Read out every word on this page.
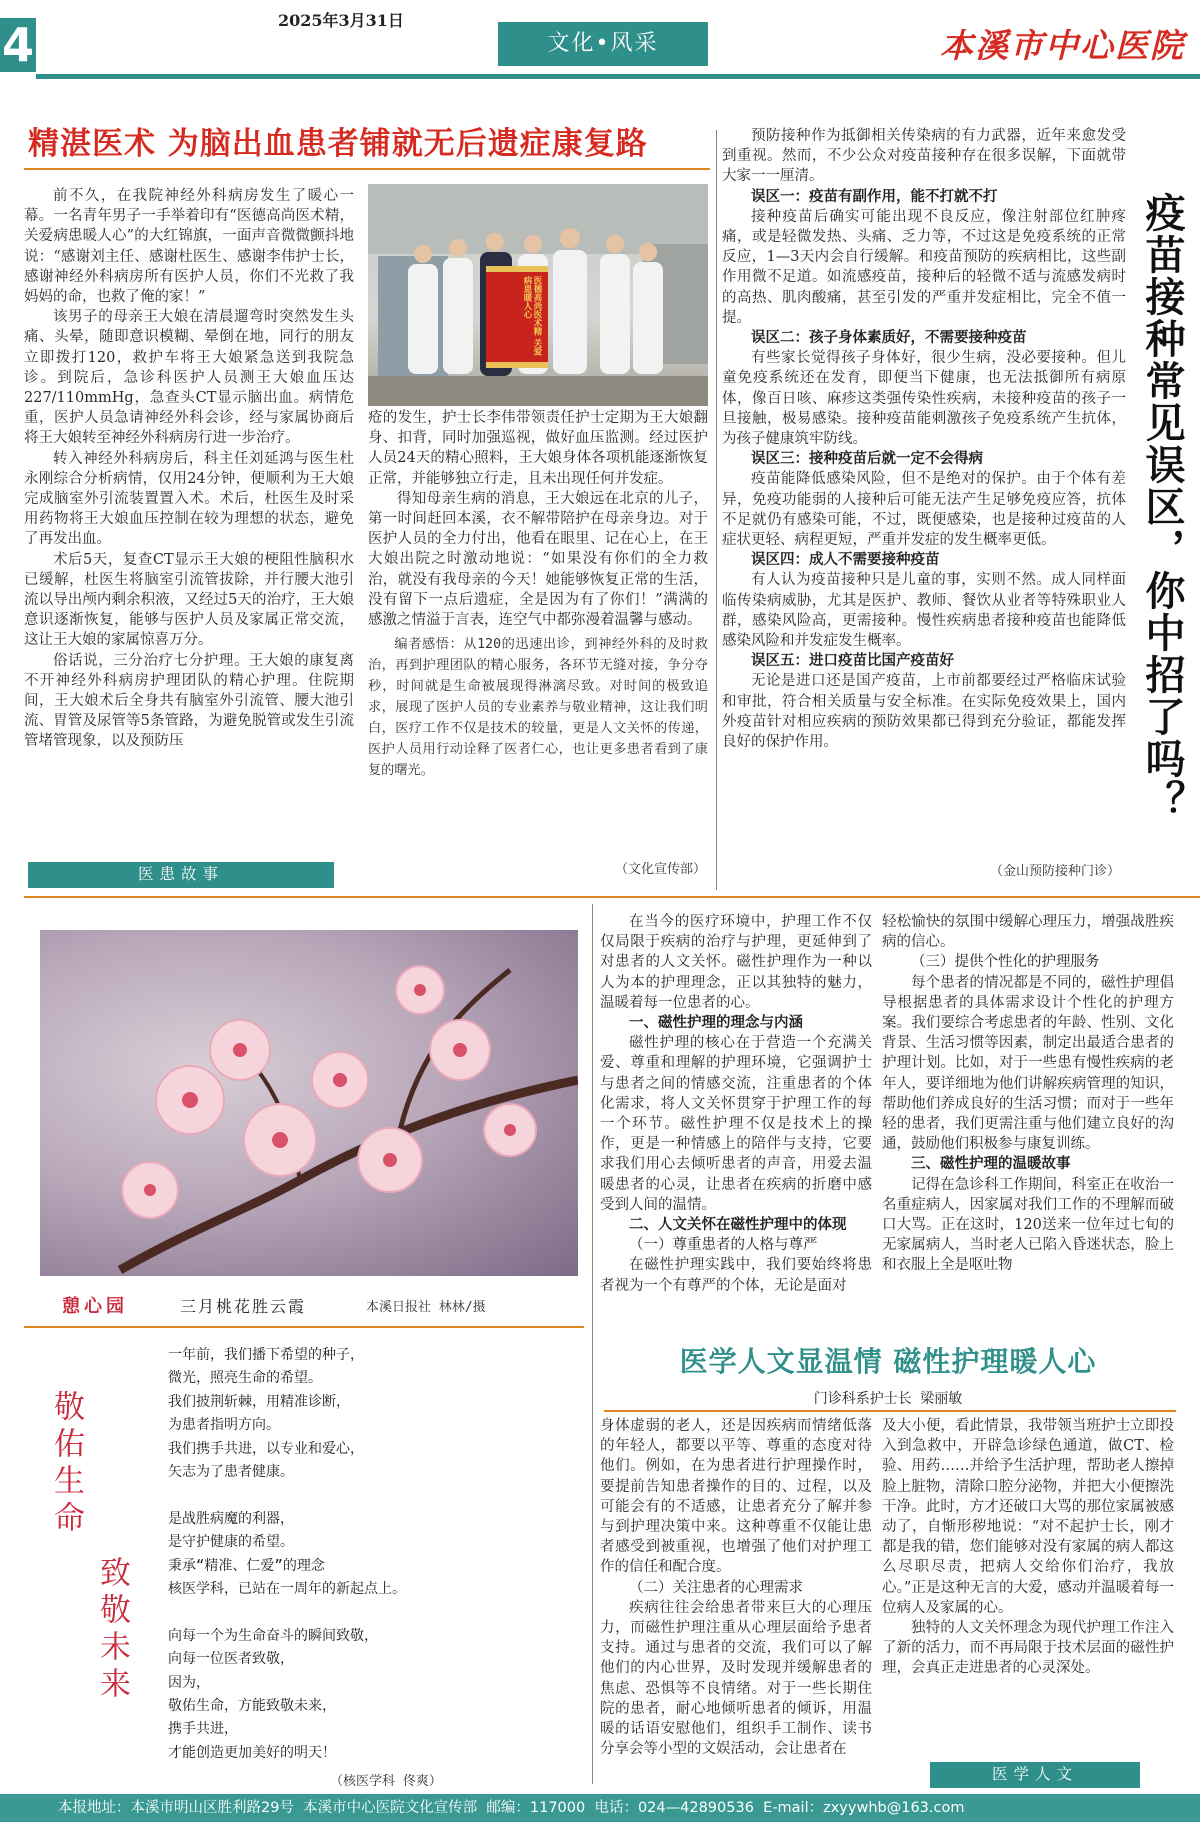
4	2025年3月31日
文化•风采	本溪市中心医院
精湛医术 为脑出血患者铺就无后遗症康复路
医德高尚医术精 关爱病患暖人心

前不久，在我院神经外科病房发生了暖心一幕。一名青年男子一手举着印有“医德高尚医术精，关爱病患暖人心”的大红锦旗，一面声音微微颤抖地说：“感谢刘主任、感谢杜医生、感谢李伟护士长，感谢神经外科病房所有医护人员，你们不光救了我妈妈的命，也救了俺的家！”

该男子的母亲王大娘在清晨遛弯时突然发生头痛、头晕，随即意识模糊、晕倒在地，同行的朋友立即拨打120，救护车将王大娘紧急送到我院急诊。到院后，急诊科医护人员测王大娘血压达227/110mmHg，急查头CT显示脑出血。病情危重，医护人员急请神经外科会诊，经与家属协商后将王大娘转至神经外科病房行进一步治疗。

转入神经外科病房后，科主任刘延鸿与医生杜永刚综合分析病情，仅用24分钟，便顺利为王大娘完成脑室外引流装置置入术。术后，杜医生及时采用药物将王大娘血压控制在较为理想的状态，避免了再发出血。

术后5天，复查CT显示王大娘的梗阻性脑积水已缓解，杜医生将脑室引流管拔除，并行腰大池引流以导出颅内剩余积液，又经过5天的治疗，王大娘意识逐渐恢复，能够与医护人员及家属正常交流，这让王大娘的家属惊喜万分。

俗话说，三分治疗七分护理。王大娘的康复离不开神经外科病房护理团队的精心护理。住院期间，王大娘术后全身共有脑室外引流管、腰大池引流、胃管及尿管等5条管路，为避免脱管或发生引流管堵管现象，以及预防压

疮的发生，护士长李伟带领责任护士定期为王大娘翻身、扣背，同时加强巡视，做好血压监测。经过医护人员24天的精心照料，王大娘身体各项机能逐渐恢复正常，并能够独立行走，且未出现任何并发症。

得知母亲生病的消息，王大娘远在北京的儿子，第一时间赶回本溪，衣不解带陪护在母亲身边。对于医护人员的全力付出，他看在眼里、记在心上，在王大娘出院之时激动地说：“如果没有你们的全力救治，就没有我母亲的今天！她能够恢复正常的生活，没有留下一点后遗症，全是因为有了你们！”满满的感激之情溢于言表，连空气中都弥漫着温馨与感动。

编者感悟：从120的迅速出诊，到神经外科的及时救治，再到护理团队的精心服务，各环节无缝对接，争分夺秒，时间就是生命被展现得淋漓尽致。对时间的极致追求，展现了医护人员的专业素养与敬业精神，这让我们明白，医疗工作不仅是技术的较量，更是人文关怀的传递，医护人员用行动诠释了医者仁心，也让更多患者看到了康复的曙光。

（文化宣传部）
医患故事

预防接种作为抵御相关传染病的有力武器，近年来愈发受到重视。然而，不少公众对疫苗接种存在很多误解，下面就带大家一一厘清。

误区一：疫苗有副作用，能不打就不打

接种疫苗后确实可能出现不良反应，像注射部位红肿疼痛，或是轻微发热、头痛、乏力等，不过这是免疫系统的正常反应，1—3天内会自行缓解。和疫苗预防的疾病相比，这些副作用微不足道。如流感疫苗，接种后的轻微不适与流感发病时的高热、肌肉酸痛，甚至引发的严重并发症相比，完全不值一提。

误区二：孩子身体素质好，不需要接种疫苗

有些家长觉得孩子身体好，很少生病，没必要接种。但儿童免疫系统还在发育，即便当下健康，也无法抵御所有病原体，像百日咳、麻疹这类强传染性疾病，未接种疫苗的孩子一旦接触，极易感染。接种疫苗能刺激孩子免疫系统产生抗体，为孩子健康筑牢防线。

误区三：接种疫苗后就一定不会得病

疫苗能降低感染风险，但不是绝对的保护。由于个体有差异，免疫功能弱的人接种后可能无法产生足够免疫应答，抗体不足就仍有感染可能，不过，既便感染，也是接种过疫苗的人症状更轻、病程更短，严重并发症的发生概率更低。

误区四：成人不需要接种疫苗

有人认为疫苗接种只是儿童的事，实则不然。成人同样面临传染病威胁，尤其是医护、教师、餐饮从业者等特殊职业人群，感染风险高，更需接种。慢性疾病患者接种疫苗也能降低感染风险和并发症发生概率。

误区五：进口疫苗比国产疫苗好

无论是进口还是国产疫苗，上市前都要经过严格临床试验和审批，符合相关质量与安全标准。在实际免疫效果上，国内外疫苗针对相应疾病的预防效果都已得到充分验证，都能发挥良好的保护作用。

（金山预防接种门诊）
疫苗接种常见误区，你中招了吗？
憩心园	三月桃花胜云霞	本溪日报社 林林/摄
敬佑生命
致敬未来
一年前，我们播下希望的种子，
微光，照亮生命的希望。
我们披荆斩棘，用精准诊断，
为患者指明方向。
我们携手共进，以专业和爱心，
矢志为了患者健康。
是战胜病魔的利器，
是守护健康的希望。
秉承“精准、仁爱”的理念
核医学科，已站在一周年的新起点上。
向每一个为生命奋斗的瞬间致敬，
向每一位医者致敬，
因为，
敬佑生命，方能致敬未来，
携手共进，
才能创造更加美好的明天！
（核医学科 佟爽）

在当今的医疗环境中，护理工作不仅仅局限于疾病的治疗与护理，更延伸到了对患者的人文关怀。磁性护理作为一种以人为本的护理理念，正以其独特的魅力，温暖着每一位患者的心。

一、磁性护理的理念与内涵

磁性护理的核心在于营造一个充满关爱、尊重和理解的护理环境，它强调护士与患者之间的情感交流，注重患者的个体化需求，将人文关怀贯穿于护理工作的每一个环节。磁性护理不仅是技术上的操作，更是一种情感上的陪伴与支持，它要求我们用心去倾听患者的声音，用爱去温暖患者的心灵，让患者在疾病的折磨中感受到人间的温情。

二、人文关怀在磁性护理中的体现

（一）尊重患者的人格与尊严

在磁性护理实践中，我们要始终将患者视为一个有尊严的个体，无论是面对

轻松愉快的氛围中缓解心理压力，增强战胜疾病的信心。

（三）提供个性化的护理服务

每个患者的情况都是不同的，磁性护理倡导根据患者的具体需求设计个性化的护理方案。我们要综合考虑患者的年龄、性别、文化背景、生活习惯等因素，制定出最适合患者的护理计划。比如，对于一些患有慢性疾病的老年人，要详细地为他们讲解疾病管理的知识，帮助他们养成良好的生活习惯；而对于一些年轻的患者，我们更需注重与他们建立良好的沟通，鼓励他们积极参与康复训练。

三、磁性护理的温暖故事

记得在急诊科工作期间，科室正在收治一名重症病人，因家属对我们工作的不理解而破口大骂。正在这时，120送来一位年过七旬的无家属病人，当时老人已陷入昏迷状态，脸上和衣服上全是呕吐物

医学人文显温情 磁性护理暖人心
门诊科系护士长 梁丽敏

身体虚弱的老人，还是因疾病而情绪低落的年轻人，都要以平等、尊重的态度对待他们。例如，在为患者进行护理操作时，要提前告知患者操作的目的、过程，以及可能会有的不适感，让患者充分了解并参与到护理决策中来。这种尊重不仅能让患者感受到被重视，也增强了他们对护理工作的信任和配合度。

（二）关注患者的心理需求

疾病往往会给患者带来巨大的心理压力，而磁性护理注重从心理层面给予患者支持。通过与患者的交流，我们可以了解他们的内心世界，及时发现并缓解患者的焦虑、恐惧等不良情绪。对于一些长期住院的患者，耐心地倾听患者的倾诉，用温暖的话语安慰他们，组织手工制作、读书分享会等小型的文娱活动，会让患者在

及大小便，看此情景，我带领当班护士立即投入到急救中，开辟急诊绿色通道，做CT、检验、用药……并给予生活护理，帮助老人擦掉脸上脏物，清除口腔分泌物，并把大小便擦洗干净。此时，方才还破口大骂的那位家属被感动了，自惭形秽地说：“对不起护士长，刚才都是我的错，您们能够对没有家属的病人都这么尽职尽责，把病人交给你们治疗，我放心。”正是这种无言的大爱，感动并温暖着每一位病人及家属的心。

独特的人文关怀理念为现代护理工作注入了新的活力，而不再局限于技术层面的磁性护理，会真正走进患者的心灵深处。

医学人文
本报地址：本溪市明山区胜利路29号  本溪市中心医院文化宣传部  邮编：117000  电话：024—42890536  E-mail：zxyywhb@163.com
